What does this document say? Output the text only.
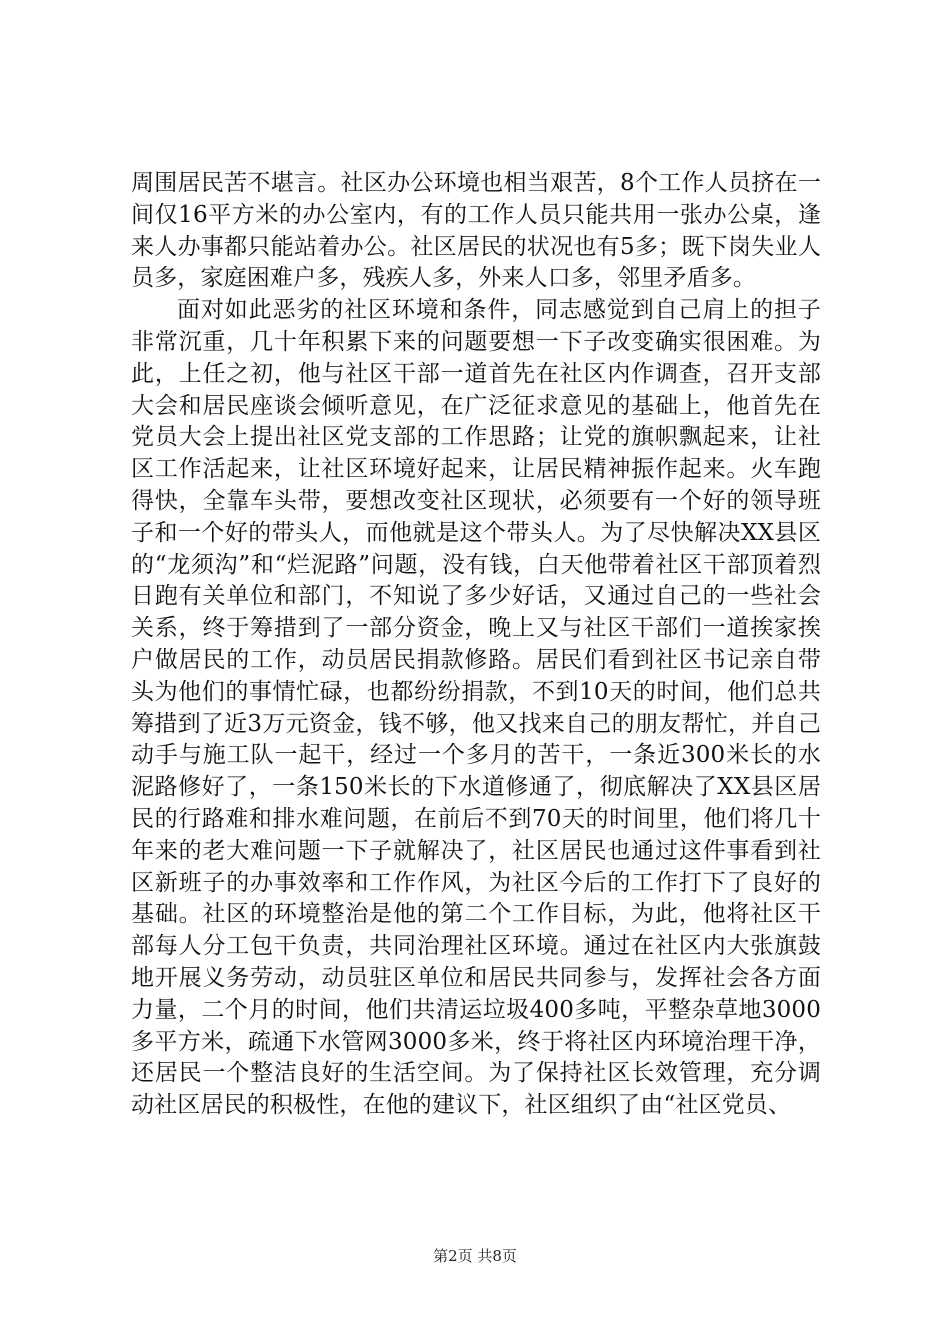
周围居民苦不堪言。社区办公环境也相当艰苦，8个工作人员挤在一间仅16平方米的办公室内，有的工作人员只能共用一张办公桌，逢来人办事都只能站着办公。社区居民的状况也有5多；既下岗失业人员多，家庭困难户多，残疾人多，外来人口多，邻里矛盾多。

面对如此恶劣的社区环境和条件，同志感觉到自己肩上的担子非常沉重，几十年积累下来的问题要想一下子改变确实很困难。为此，上任之初，他与社区干部一道首先在社区内作调查，召开支部大会和居民座谈会倾听意见，在广泛征求意见的基础上，他首先在党员大会上提出社区党支部的工作思路；让党的旗帜飘起来，让社区工作活起来，让社区环境好起来，让居民精神振作起来。火车跑得快，全靠车头带，要想改变社区现状，必须要有一个好的领导班子和一个好的带头人，而他就是这个带头人。为了尽快解决XX县区的“龙须沟”和“烂泥路”问题，没有钱，白天他带着社区干部顶着烈日跑有关单位和部门，不知说了多少好话，又通过自己的一些社会关系，终于筹措到了一部分资金，晚上又与社区干部们一道挨家挨户做居民的工作，动员居民捐款修路。居民们看到社区书记亲自带头为他们的事情忙碌，也都纷纷捐款，不到10天的时间，他们总共筹措到了近3万元资金，钱不够，他又找来自己的朋友帮忙，并自己动手与施工队一起干，经过一个多月的苦干，一条近300米长的水泥路修好了，一条150米长的下水道修通了，彻底解决了XX县区居民的行路难和排水难问题，在前后不到70天的时间里，他们将几十年来的老大难问题一下子就解决了，社区居民也通过这件事看到社区新班子的办事效率和工作作风，为社区今后的工作打下了良好的基础。社区的环境整治是他的第二个工作目标，为此，他将社区干部每人分工包干负责，共同治理社区环境。通过在社区内大张旗鼓地开展义务劳动，动员驻区单位和居民共同参与，发挥社会各方面力量，二个月的时间，他们共清运垃圾400多吨，平整杂草地3000多平方米，疏通下水管网3000多米，终于将社区内环境治理干净，还居民一个整洁良好的生活空间。为了保持社区长效管理，充分调动社区居民的积极性，在他的建议下，社区组织了由“社区党员、

第2页 共8页
